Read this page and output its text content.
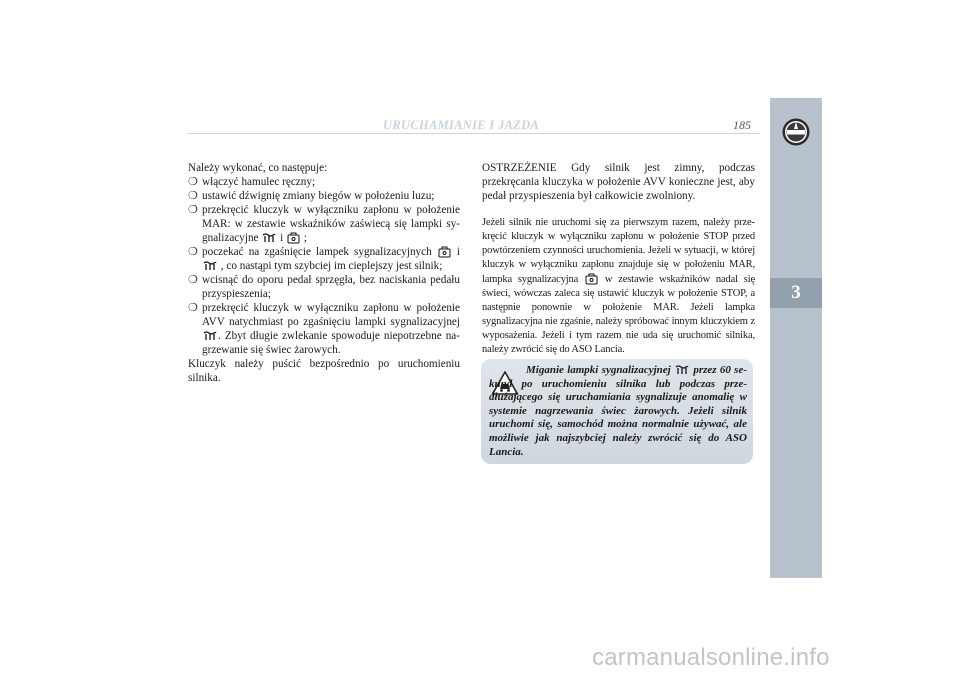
URUCHAMIANIE I JAZDA	185
3
Należy wykonać, co następuje:
❍ włączyć hamulec ręczny;
❍ ustawić dźwignię zmiany biegów w położeniu luzu;
❍ przekręcić kluczyk w wyłączniku zapłonu w położenie MAR: w zestawie wskaźników zaświecą się lampki sygnalizacyjne i ;
❍ poczekać na zgaśnięcie lampek sygnalizacyjnych i  , co nastąpi tym szybciej im cieplejszy jest silnik;
❍ wcisnąć do oporu pedał sprzęgła, bez naciskania pedału przyspieszenia;
❍ przekręcić kluczyk w wyłączniku zapłonu w położenie AVV natychmiast po zgaśnięciu lampki sygnalizacyjnej . Zbyt długie zwlekanie spowoduje niepotrzebne nagrzewanie się świec żarowych.
Kluczyk należy puścić bezpośrednio po uruchomieniu silnika.
OSTRZEŻENIE Gdy silnik jest zimny, podczas przekręcania kluczyka w położenie AVV konieczne jest, aby pedał przyspieszenia był całkowicie zwolniony.
Jeżeli silnik nie uruchomi się za pierwszym razem, należy przekręcić kluczyk w wyłączniku zapłonu w położenie STOP przed powtórzeniem czynności uruchomienia. Jeżeli w sytuacji, w której kluczyk w wyłączniku zapłonu znajduje się w położeniu MAR, lampka sygnalizacyjna	w zestawie wskaźników nadal się świeci, wówczas zaleca się ustawić kluczyk w położenie STOP, a następnie ponownie w położenie MAR. Jeżeli lampka sygnalizacyjna nie zgaśnie, należy spróbować innym kluczykiem z wyposażenia. Jeżeli i tym razem nie uda się uruchomić silnika, należy zwrócić się do ASO Lancia.
Miganie lampki sygnalizacyjnej przez 60 sekund po uruchomieniu silnika lub podczas przedłużającego się uruchamiania sygnalizuje anomalię w systemie nagrzewania świec żarowych. Jeżeli silnik uruchomi się, samochód można normalnie używać, ale możliwie jak najszybciej należy zwrócić się do ASO Lancia.
carmanualsonline.info
